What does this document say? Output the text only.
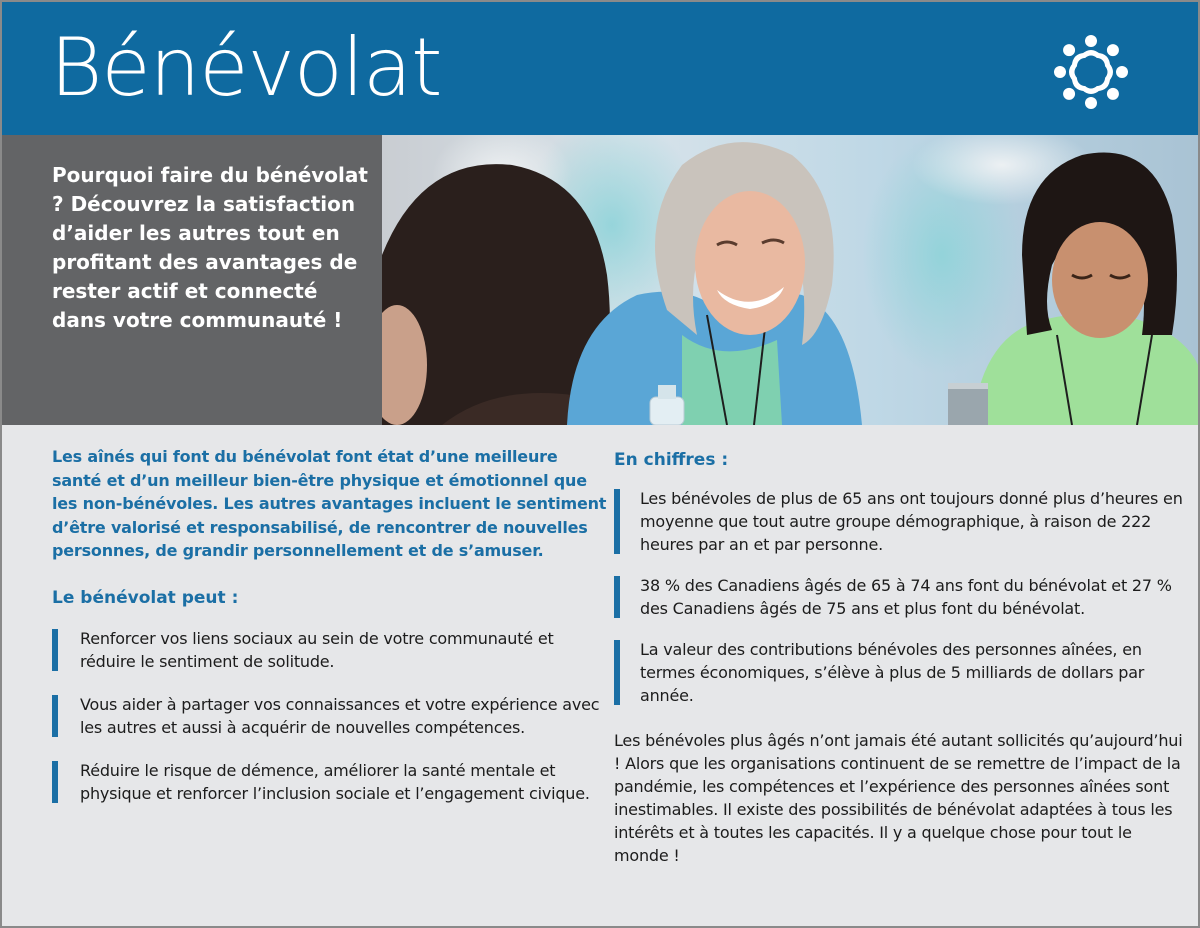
Bénévolat
Pourquoi faire du bénévolat ? Découvrez la satisfaction d’aider les autres tout en profitant des avantages de rester actif et connecté dans votre communauté !
Les aînés qui font du bénévolat font état d’une meilleure santé et d’un meilleur bien-être physique et émotionnel que les non-bénévoles. Les autres avantages incluent le sentiment d’être valorisé et responsabilisé, de rencontrer de nouvelles personnes, de grandir personnellement et de s’amuser.
Le bénévolat peut :
Renforcer vos liens sociaux au sein de votre communauté et réduire le sentiment de solitude.
Vous aider à partager vos connaissances et votre expérience avec les autres et aussi à acquérir de nouvelles compétences.
Réduire le risque de démence, améliorer la santé mentale et physique et renforcer l’inclusion sociale et l’engagement civique.
En chiffres :
Les bénévoles de plus de 65 ans ont toujours donné plus d’heures en moyenne que tout autre groupe démographique, à raison de 222 heures par an et par personne.
38 % des Canadiens âgés de 65 à 74 ans font du bénévolat et 27 % des Canadiens âgés de 75 ans et plus font du bénévolat.
La valeur des contributions bénévoles des personnes aînées, en termes économiques, s’élève à plus de 5 milliards de dollars par année.
Les bénévoles plus âgés n’ont jamais été autant sollicités qu’aujourd’hui ! Alors que les organisations continuent de se remettre de l’impact de la pandémie, les compétences et l’expérience des personnes aînées sont inestimables. Il existe des possibilités de bénévolat adaptées à tous les intérêts et à toutes les capacités. Il y a quelque chose pour tout le monde !
